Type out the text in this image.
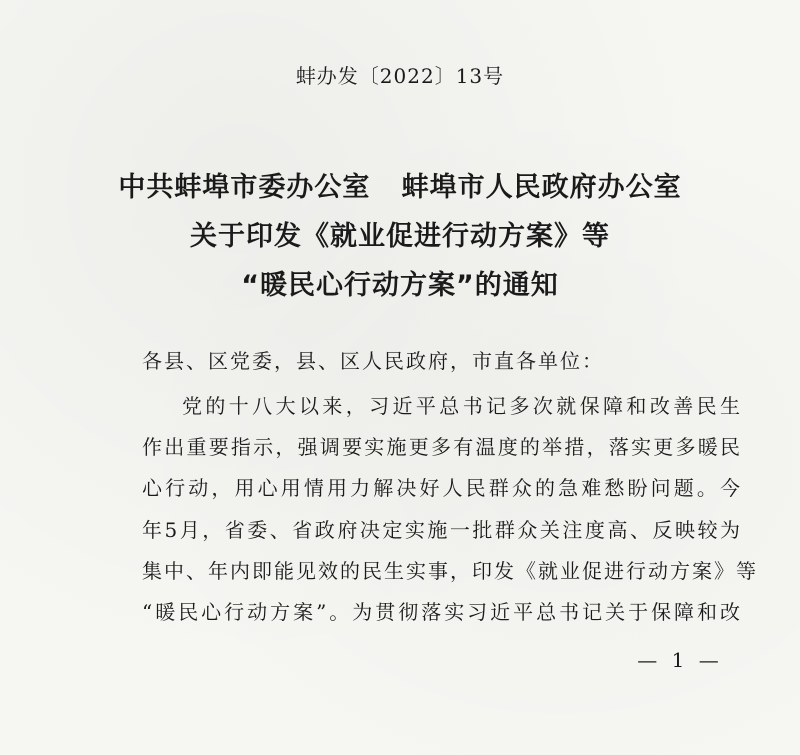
蚌办发〔2022〕13号
中共蚌埠市委办公室   蚌埠市人民政府办公室
关于印发《就业促进行动方案》等
“暖民心行动方案”的通知
各县、区党委，县、区人民政府，市直各单位：
党的十八大以来，习近平总书记多次就保障和改善民生
作出重要指示，强调要实施更多有温度的举措，落实更多暖民
心行动，用心用情用力解决好人民群众的急难愁盼问题。今
年5月，省委、省政府决定实施一批群众关注度高、反映较为
集中、年内即能见效的民生实事，印发《就业促进行动方案》等
“暖民心行动方案”。为贯彻落实习近平总书记关于保障和改
— 1 —
